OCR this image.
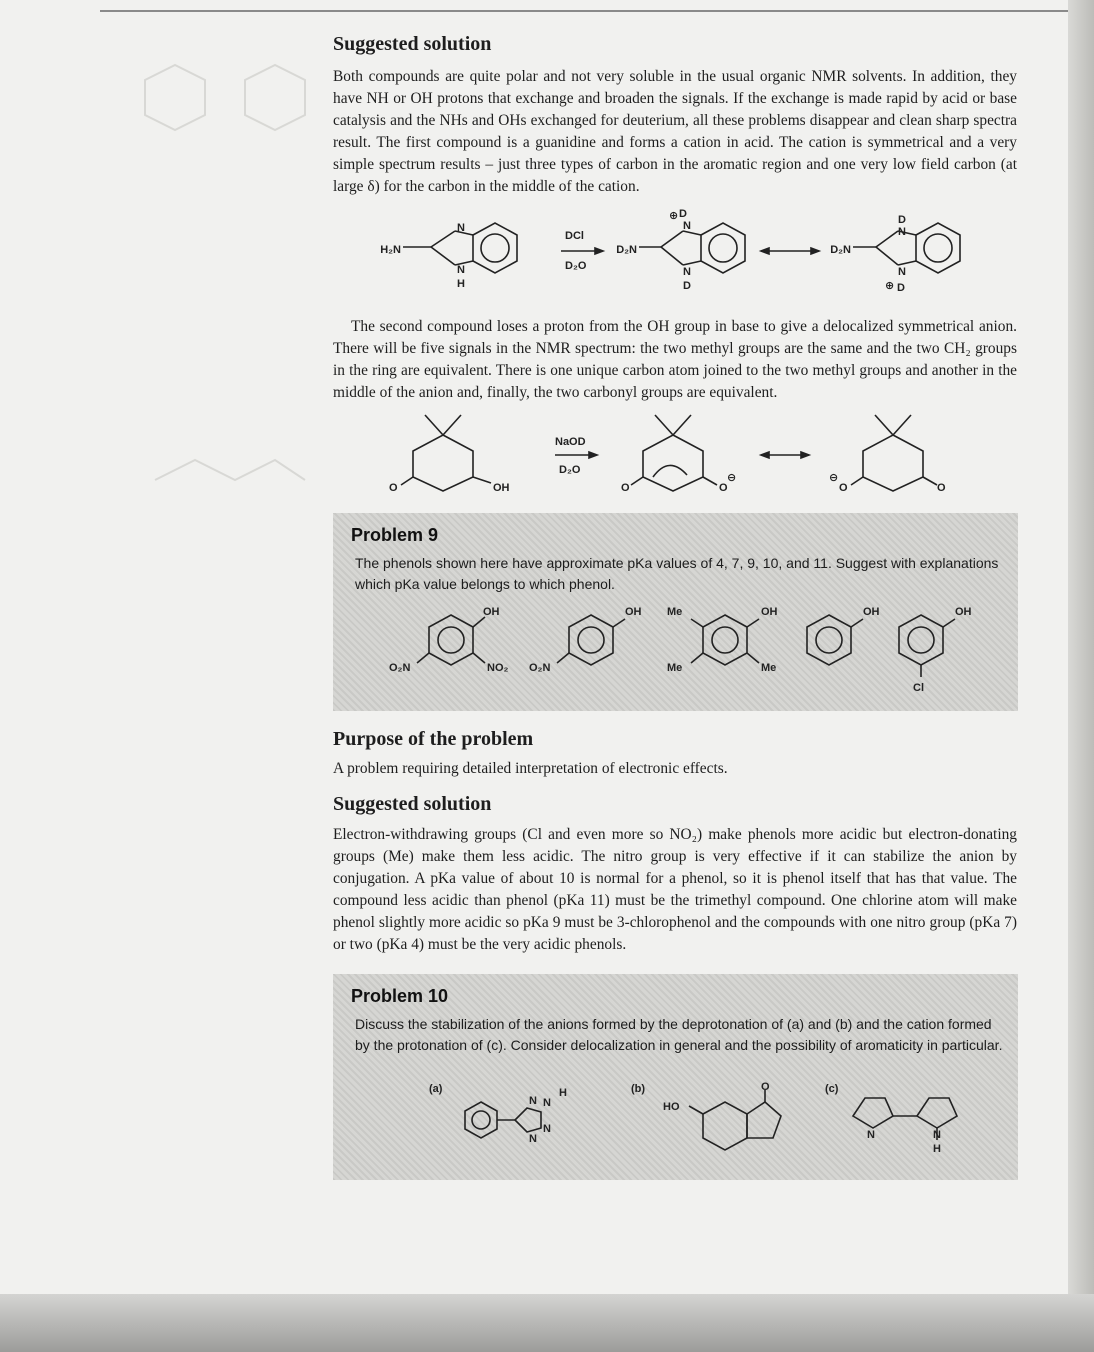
Suggested solution

Both compounds are quite polar and not very soluble in the usual organic NMR solvents. In addition, they have NH or OH protons that exchange and broaden the signals. If the exchange is made rapid by acid or base catalysis and the NHs and OHs exchanged for deuterium, all these problems disappear and clean sharp spectra result. The first compound is a guanidine and forms a cation in acid. The cation is symmetrical and a very simple spectrum results – just three types of carbon in the aromatic region and one very low field carbon (at large δ) for the carbon in the middle of the cation.

H₂N
N
N
H
DCl
D₂O
D₂N
N
⊕ D
N
D
D₂N
D
N
N
⊕ D

The second compound loses a proton from the OH group in base to give a delocalized symmetrical anion. There will be five signals in the NMR spectrum: the two methyl groups are the same and the two CH₂ groups in the ring are equivalent. There is one unique carbon atom joined to the two methyl groups and another in the middle of the anion and, finally, the two carbonyl groups are equivalent.

O	OH
NaOD
D₂O
O	O
⊖	⊖
O	O
Problem 9

The phenols shown here have approximate pKa values of 4, 7, 9, 10, and 11. Suggest with explanations which pKa value belongs to which phenol.

OH
O₂N	NO₂
OH
O₂N
Me	OH
Me	Me
OH	OH
Cl
Purpose of the problem

A problem requiring detailed interpretation of electronic effects.

Suggested solution

Electron-withdrawing groups (Cl and even more so NO₂) make phenols more acidic but electron-donating groups (Me) make them less acidic. The nitro group is very effective if it can stabilize the anion by conjugation. A pKa value of about 10 is normal for a phenol, so it is phenol itself that has that value. The compound less acidic than phenol (pKa 11) must be the trimethyl compound. One chlorine atom will make phenol slightly more acidic so pKa 9 must be 3-chlorophenol and the compounds with one nitro group (pKa 7) or two (pKa 4) must be the very acidic phenols.

Problem 10

Discuss the stabilization of the anions formed by the deprotonation of (a) and (b) and the cation formed by the protonation of (c). Consider delocalization in general and the possibility of aromaticity in particular.

(a)
N N
H
N
N
(b)
HO
O	(c)
N	N
H
